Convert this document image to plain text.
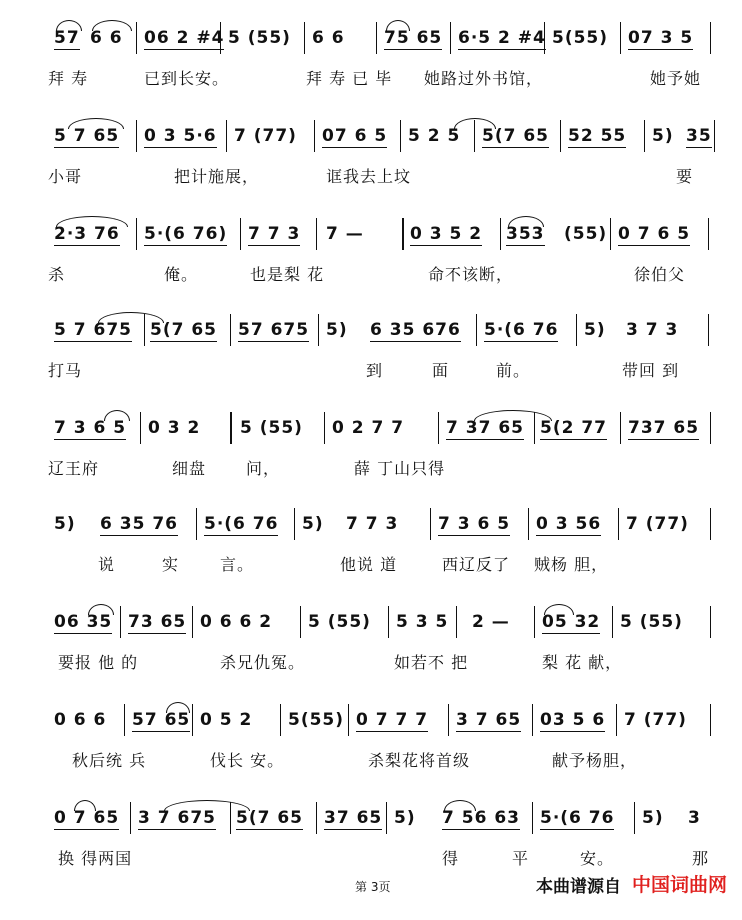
57 6 6 06 2 #4 5 (55) 6 6 75 65 6·5 2 #4 5(55) 07 3 5
拜 寿	已到长安。	拜 寿 已 毕 她路过外书馆，	她予她
5 7 65 0 3 5·6 7 (77) 07 6 5 5 2 5 5(7 65 52 55 5) 35
小哥	把计施展，	诓我去上坟	要
2·3 76 5·(6 76) 7 7 3 7 —	0 3 5 2 353 (55) 0 7 6 5
杀	俺。	也是梨 花	命不该断，	徐伯父
5 7 675 5(7 65 57 675 5) 6 35 676 5·(6 76 5) 3 7 3
打马	到	面	前。	带回 到
7 3 6 5 0 3 2 5 (55) 0 2 7 7 7 37 65 5(2 77 737 65
辽王府	细盘 问，	薛 丁山只得
5) 6 35 76 5·(6 76 5) 7 7 3 7 3 6 5 0 3 56 7 (77)
说	实	言。	他说 道	西辽反了 贼杨 胆，
06 35 73 65 0 6 6 2 5 (55) 5 3 5 2 — 05 32 5 (55)
要报 他 的	杀兄仇冤。	如若不 把	梨 花 献，
0 6 6 57 65 0 5 2 5(55) 0 7 7 7 3 7 65 03 5 6 7 (77)
秋后统 兵	伐长 安。	杀梨花将首级	献予杨胆，
0 7 65 3 7 675 5(7 65 37 65 5) 7 56 63 5·(6 76 5) 3
换 得两国	得	平	安。	那
第 3页	本曲谱源自 中国词曲网
